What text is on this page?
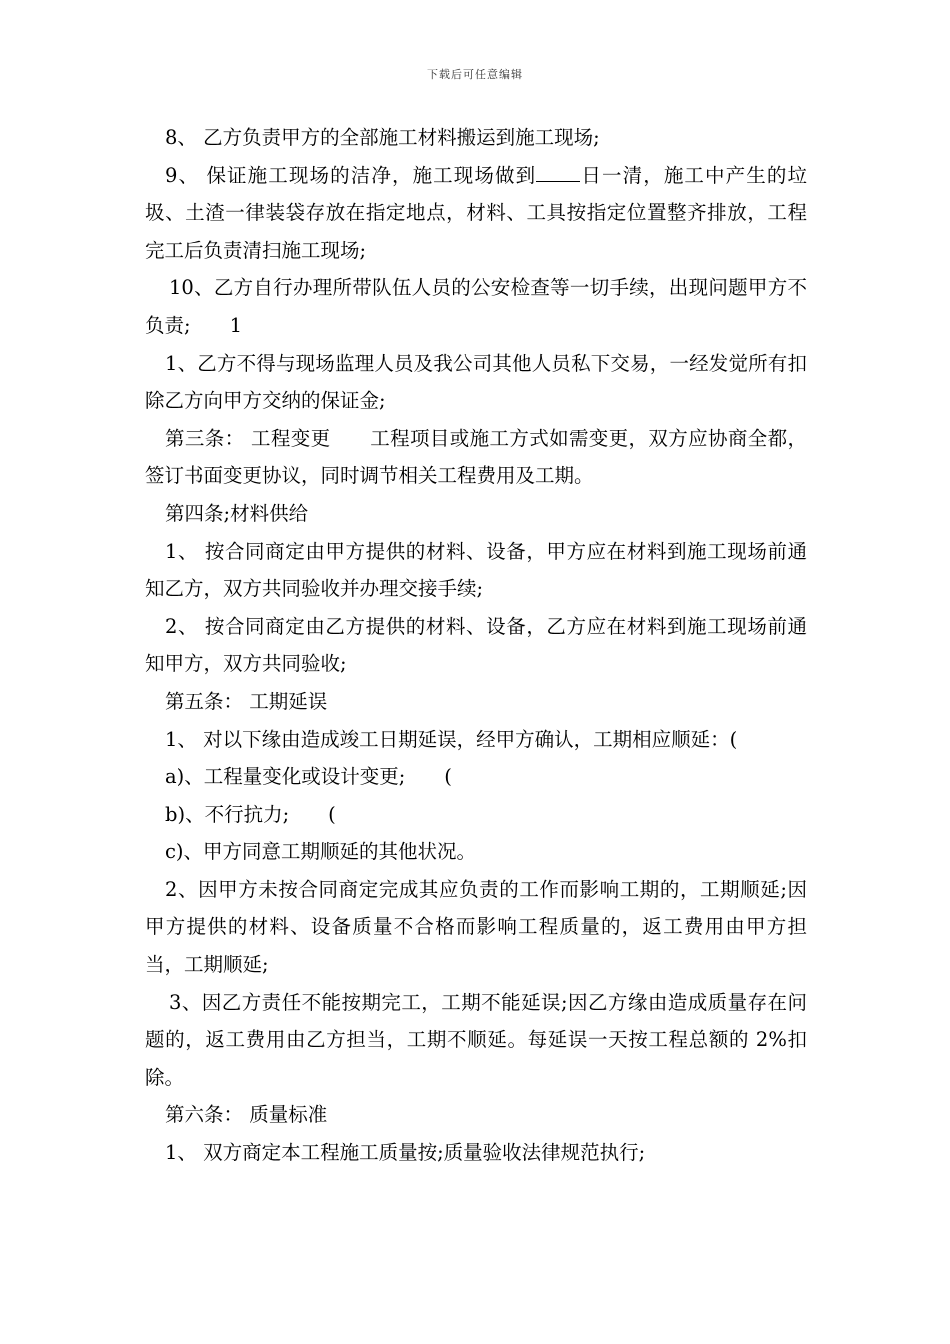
下载后可任意编辑

8、 乙方负责甲方的全部施工材料搬运到施工现场;

9、 保证施工现场的洁净，施工现场做到 日一清，施工中产生的垃圾、土渣一律装袋存放在指定地点，材料、工具按指定位置整齐排放，工程完工后负责清扫施工现场;

10、乙方自行办理所带队伍人员的公安检查等一切手续，出现问题甲方不负责;　　1

1、乙方不得与现场监理人员及我公司其他人员私下交易，一经发觉所有扣除乙方向甲方交纳的保证金;

第三条： 工程变更　　工程项目或施工方式如需变更，双方应协商全都，签订书面变更协议，同时调节相关工程费用及工期。

第四条;材料供给

1、 按合同商定由甲方提供的材料、设备，甲方应在材料到施工现场前通知乙方，双方共同验收并办理交接手续;

2、 按合同商定由乙方提供的材料、设备，乙方应在材料到施工现场前通知甲方，双方共同验收;

第五条： 工期延误

1、 对以下缘由造成竣工日期延误，经甲方确认，工期相应顺延：(

a)、工程量变化或设计变更;　　(

b)、不行抗力;　　(

c)、甲方同意工期顺延的其他状况。

2、因甲方未按合同商定完成其应负责的工作而影响工期的，工期顺延;因甲方提供的材料、设备质量不合格而影响工程质量的，返工费用由甲方担当，工期顺延;

3、因乙方责任不能按期完工，工期不能延误;因乙方缘由造成质量存在问题的，返工费用由乙方担当，工期不顺延。每延误一天按工程总额的 2%扣除。

第六条： 质量标准

1、 双方商定本工程施工质量按;质量验收法律规范执行;
